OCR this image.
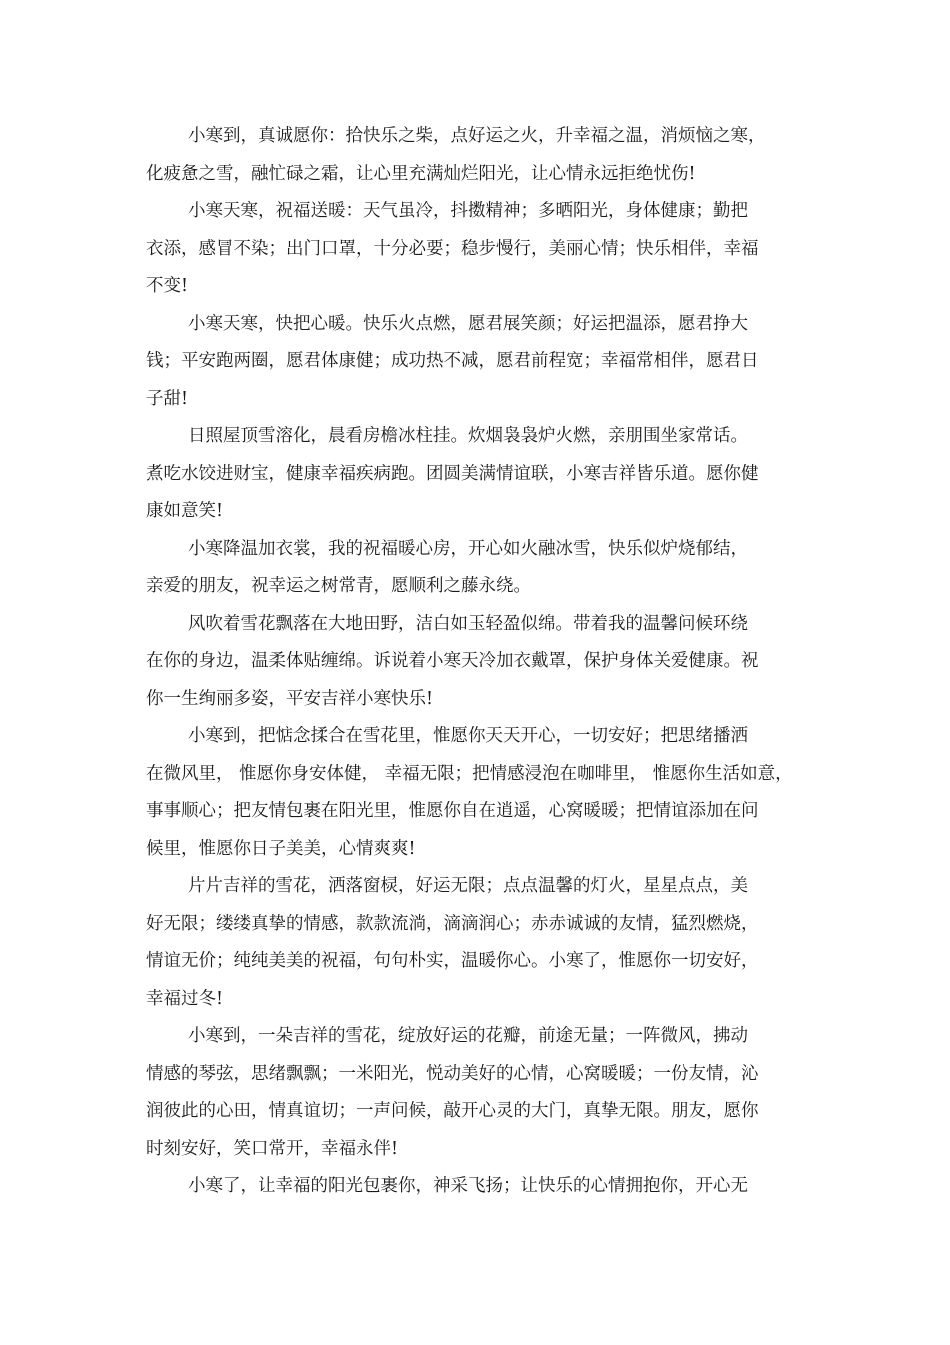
小寒到，真诚愿你：拾快乐之柴，点好运之火，升幸福之温，消烦恼之寒，
化疲惫之雪，融忙碌之霜，让心里充满灿烂阳光，让心情永远拒绝忧伤!

小寒天寒，祝福送暖：天气虽冷，抖擞精神；多晒阳光，身体健康；勤把
衣添，感冒不染；出门口罩，十分必要；稳步慢行，美丽心情；快乐相伴，幸福
不变!

小寒天寒，快把心暖。快乐火点燃，愿君展笑颜；好运把温添，愿君挣大
钱；平安跑两圈，愿君体康健；成功热不减，愿君前程宽；幸福常相伴，愿君日
子甜!

日照屋顶雪溶化，晨看房檐冰柱挂。炊烟袅袅炉火燃，亲朋围坐家常话。
煮吃水饺进财宝，健康幸福疾病跑。团圆美满情谊联，小寒吉祥皆乐道。愿你健
康如意笑!

小寒降温加衣裳，我的祝福暖心房，开心如火融冰雪，快乐似炉烧郁结，
亲爱的朋友，祝幸运之树常青，愿顺利之藤永绕。

风吹着雪花飘落在大地田野，洁白如玉轻盈似绵。带着我的温馨问候环绕
在你的身边，温柔体贴缠绵。诉说着小寒天冷加衣戴罩，保护身体关爱健康。祝
你一生绚丽多姿，平安吉祥小寒快乐!

小寒到，把惦念揉合在雪花里，惟愿你天天开心，一切安好；把思绪播洒
在微风里， 惟愿你身安体健， 幸福无限；把情感浸泡在咖啡里， 惟愿你生活如意，
事事顺心；把友情包裹在阳光里，惟愿你自在逍遥，心窝暖暖；把情谊添加在问
候里，惟愿你日子美美，心情爽爽!

片片吉祥的雪花，洒落窗棂，好运无限；点点温馨的灯火，星星点点，美
好无限；缕缕真挚的情感，款款流淌，滴滴润心；赤赤诚诚的友情，猛烈燃烧，
情谊无价；纯纯美美的祝福，句句朴实，温暖你心。小寒了，惟愿你一切安好，
幸福过冬!

小寒到，一朵吉祥的雪花，绽放好运的花瓣，前途无量；一阵微风，拂动
情感的琴弦，思绪飘飘；一米阳光，悦动美好的心情，心窝暖暖；一份友情，沁
润彼此的心田，情真谊切；一声问候，敲开心灵的大门，真挚无限。朋友，愿你
时刻安好，笑口常开，幸福永伴!

小寒了，让幸福的阳光包裹你，神采飞扬；让快乐的心情拥抱你，开心无
